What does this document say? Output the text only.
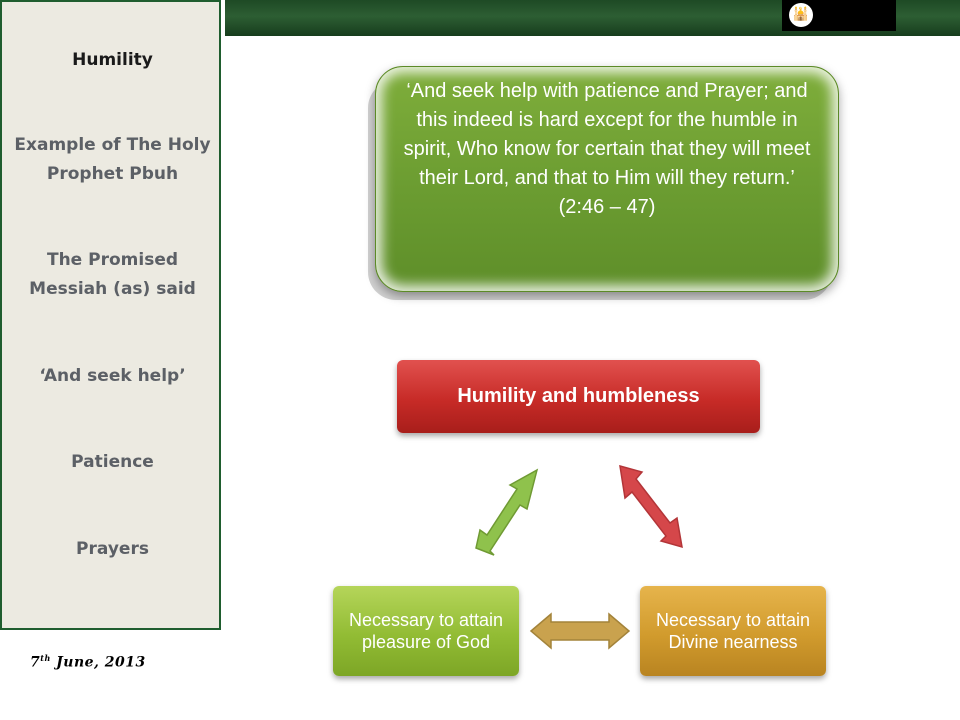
🕌
Humility
Example of The Holy Prophet Pbuh
The Promised Messiah (as) said
‘And seek help’
Patience
Prayers
7th June, 2013
‘And seek help with patience and Prayer; and this indeed is hard except for the humble in spirit, Who know for certain that they will meet their Lord, and that to Him will they return.’
(2:46 – 47)
Humility and humbleness
Necessary to attain pleasure of God
Necessary to attain Divine nearness
